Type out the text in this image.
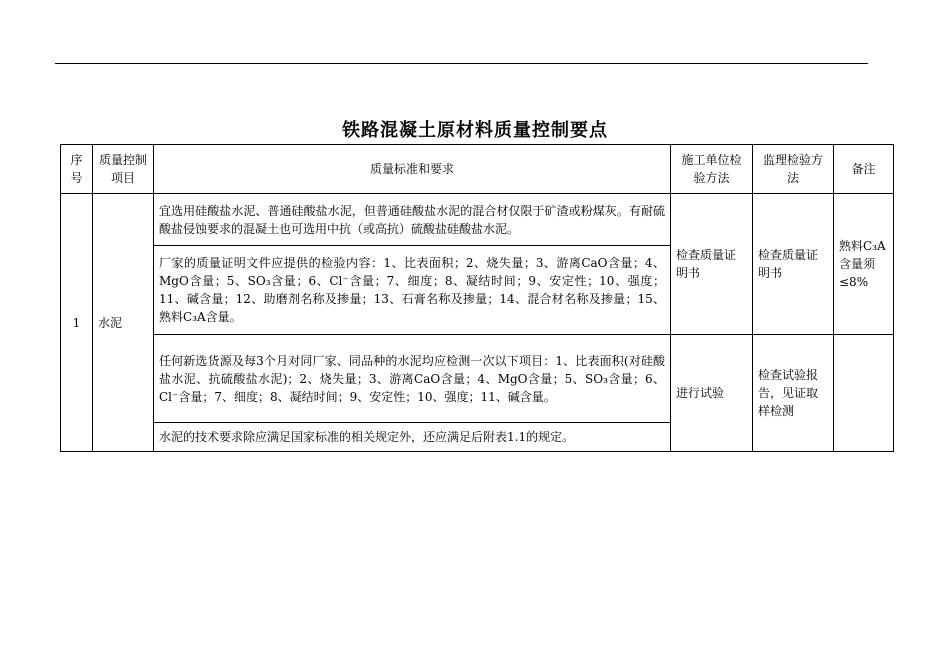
铁路混凝土原材料质量控制要点
序号	质量控制项目	质量标准和要求	施工单位检验方法	监理检验方法	备注
1	水泥	宜选用硅酸盐水泥、普通硅酸盐水泥，但普通硅酸盐水泥的混合材仅限于矿渣或粉煤灰。有耐硫酸盐侵蚀要求的混凝土也可选用中抗（或高抗）硫酸盐硅酸盐水泥。	检查质量证明书	检查质量证明书	熟料C₃A含量须≤8%
		厂家的质量证明文件应提供的检验内容：1、比表面积；2、烧失量；3、游离CaO含量；4、MgO含量；5、SO₃含量；6、Cl⁻含量；7、细度；8、凝结时间；9、安定性；10、强度；11、碱含量；12、助磨剂名称及掺量；13、石膏名称及掺量；14、混合材名称及掺量；15、熟料C₃A含量。			
		任何新选货源及每3个月对同厂家、同品种的水泥均应检测一次以下项目：1、比表面积(对硅酸盐水泥、抗硫酸盐水泥)；2、烧失量；3、游离CaO含量；4、MgO含量；5、SO₃含量；6、Cl⁻含量；7、细度；8、凝结时间；9、安定性；10、强度；11、碱含量。	进行试验	检查试验报告，见证取样检测	
		水泥的技术要求除应满足国家标准的相关规定外，还应满足后附表1.1的规定。			
